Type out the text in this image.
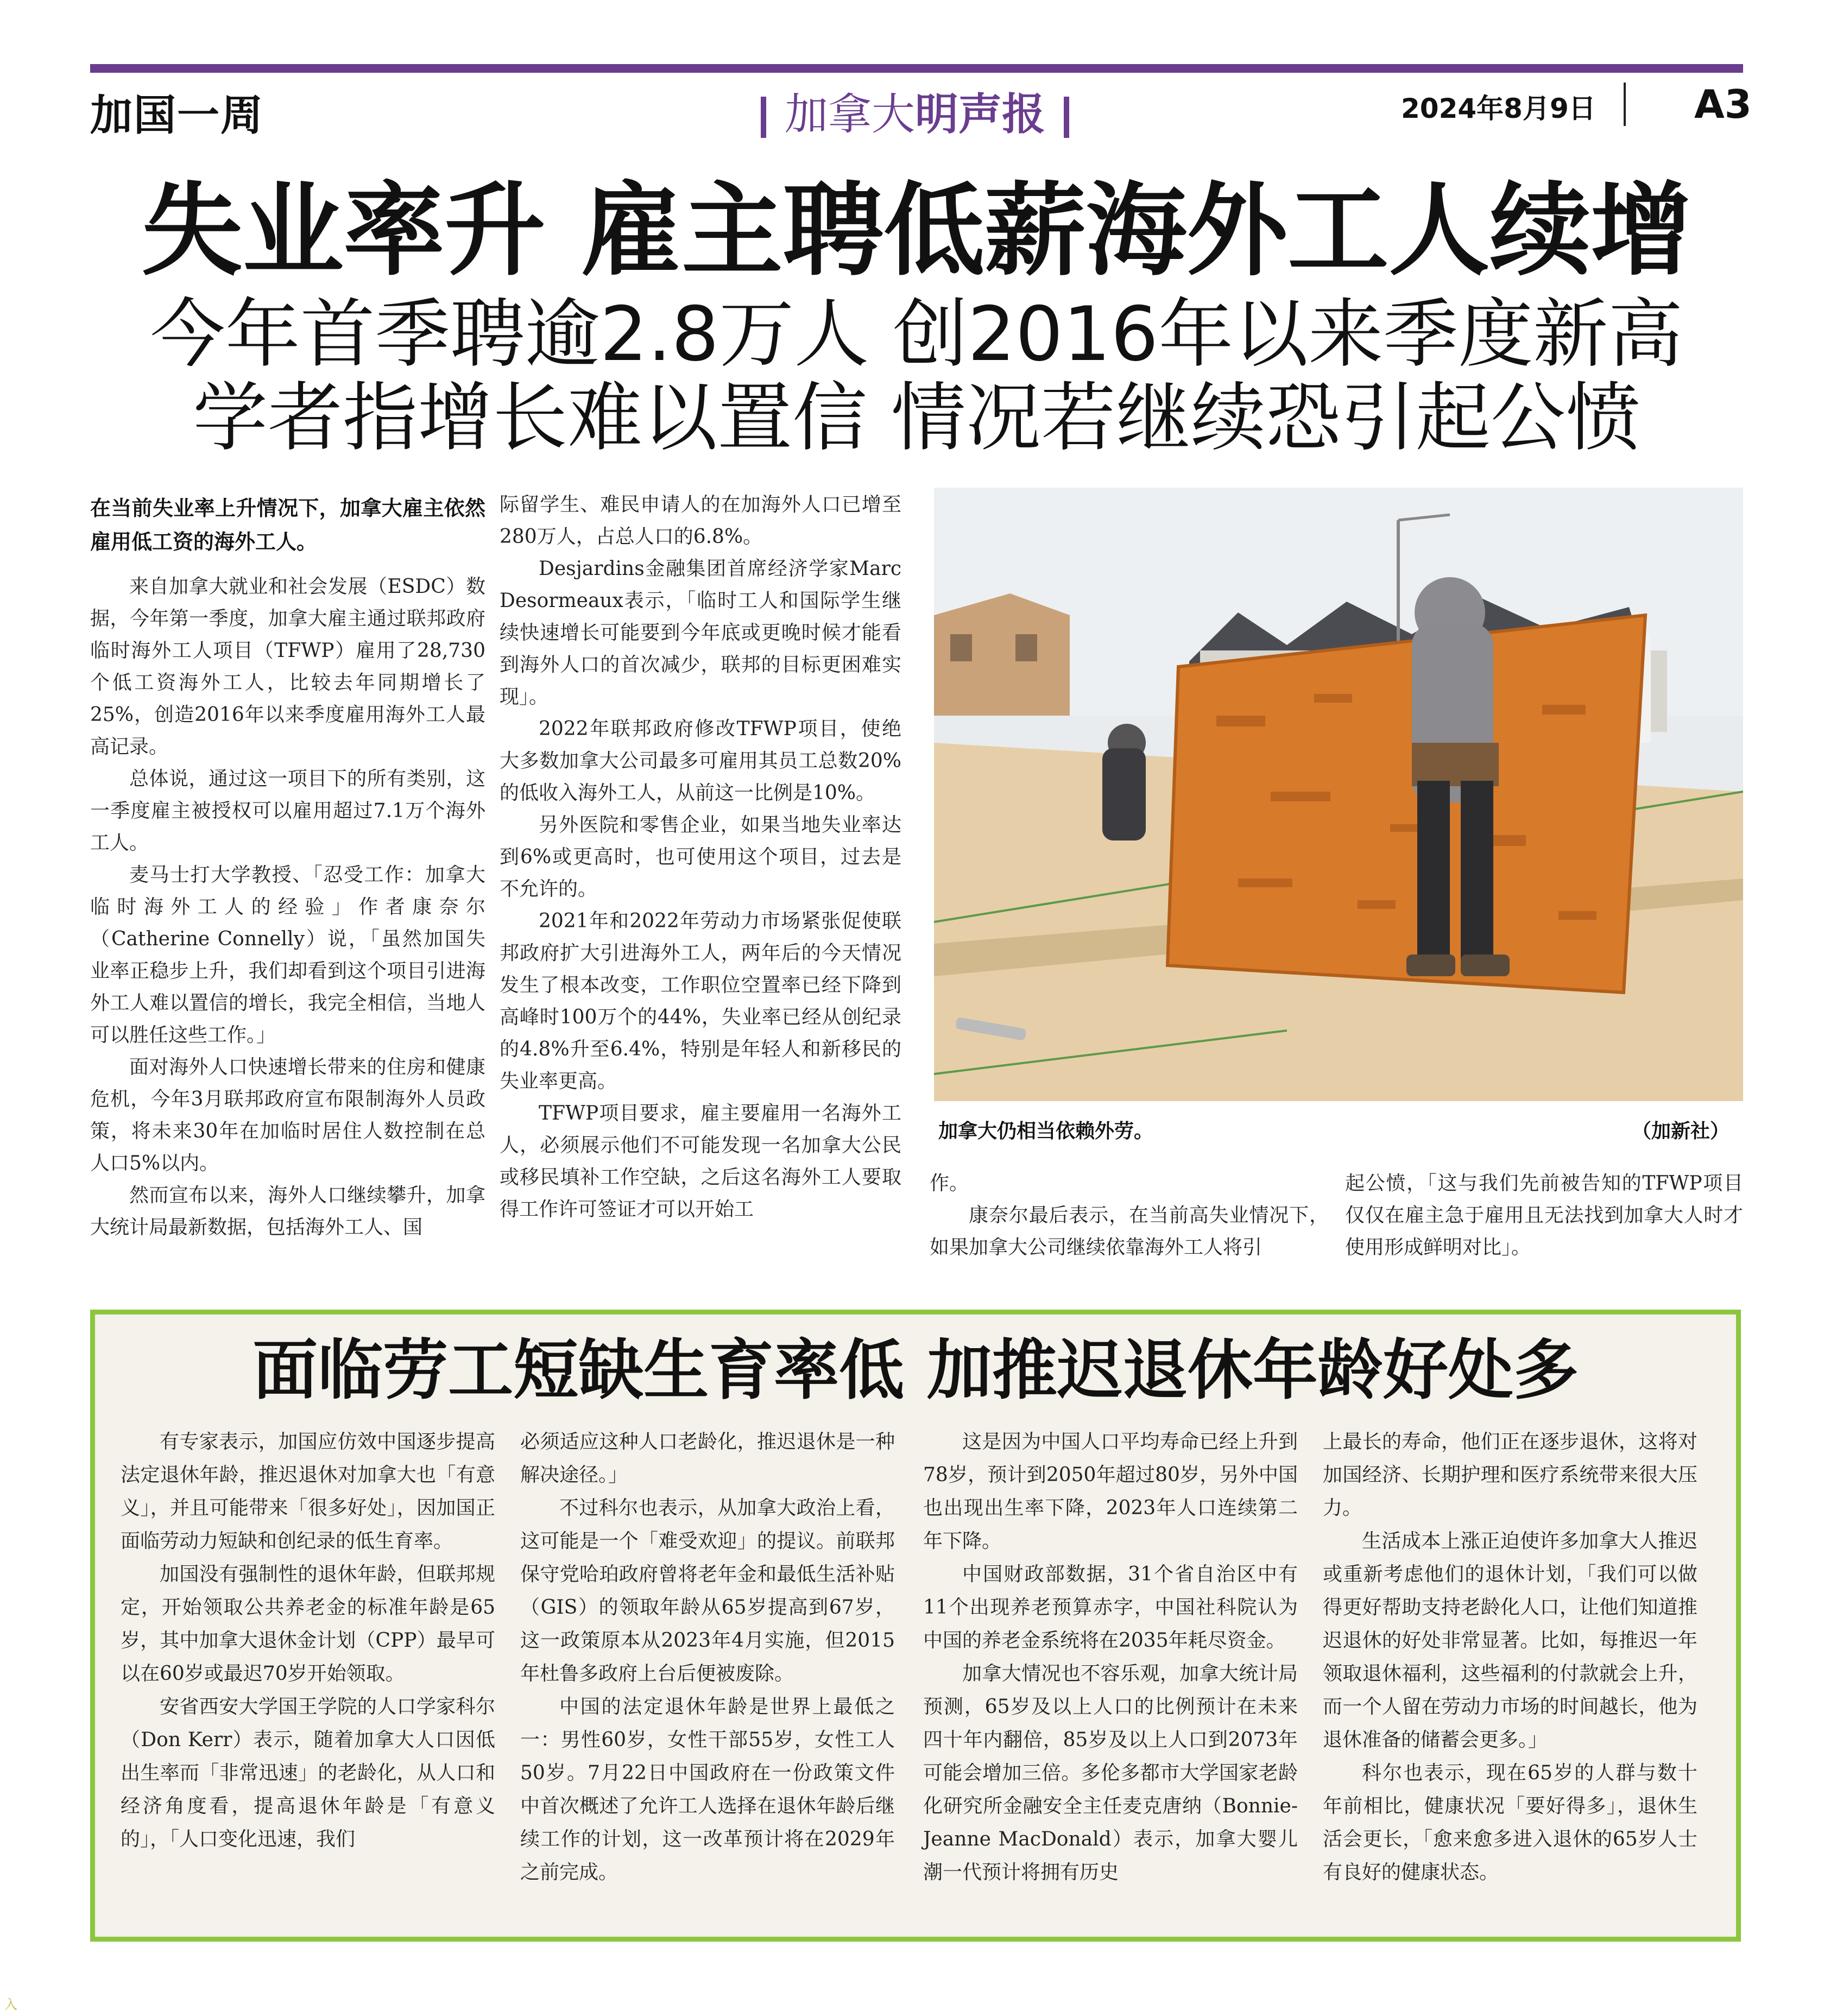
加国一周	加拿大明声报	2024年8月9日	A3
失业率升 雇主聘低薪海外工人续增
今年首季聘逾2.8万人 创2016年以来季度新高
学者指增长难以置信 情况若继续恐引起公愤

在当前失业率上升情况下，加拿大雇主依然雇用低工资的海外工人。

来自加拿大就业和社会发展（ESDC）数据，今年第一季度，加拿大雇主通过联邦政府临时海外工人项目（TFWP）雇用了28,730个低工资海外工人，比较去年同期增长了25%，创造2016年以来季度雇用海外工人最高记录。

总体说，通过这一项目下的所有类别，这一季度雇主被授权可以雇用超过7.1万个海外工人。

麦马士打大学教授、「忍受工作：加拿大临时海外工人的经验」作者康奈尔（Catherine Connelly）说，「虽然加国失业率正稳步上升，我们却看到这个项目引进海外工人难以置信的增长，我完全相信，当地人可以胜任这些工作。」

面对海外人口快速增长带来的住房和健康危机，今年3月联邦政府宣布限制海外人员政策，将未来30年在加临时居住人数控制在总人口5%以内。

然而宣布以来，海外人口继续攀升，加拿大统计局最新数据，包括海外工人、国

际留学生、难民申请人的在加海外人口已增至280万人，占总人口的6.8%。

Desjardins金融集团首席经济学家Marc Desormeaux表示，「临时工人和国际学生继续快速增长可能要到今年底或更晚时候才能看到海外人口的首次减少，联邦的目标更困难实现」。

2022年联邦政府修改TFWP项目，使绝大多数加拿大公司最多可雇用其员工总数20%的低收入海外工人，从前这一比例是10%。

另外医院和零售企业，如果当地失业率达到6%或更高时，也可使用这个项目，过去是不允许的。

2021年和2022年劳动力市场紧张促使联邦政府扩大引进海外工人，两年后的今天情况发生了根本改变，工作职位空置率已经下降到高峰时100万个的44%，失业率已经从创纪录的4.8%升至6.4%，特别是年轻人和新移民的失业率更高。

TFWP项目要求，雇主要雇用一名海外工人，必须展示他们不可能发现一名加拿大公民或移民填补工作空缺，之后这名海外工人要取得工作许可签证才可以开始工

加拿大仍相当依赖外劳。	（加新社）

作。

康奈尔最后表示，在当前高失业情况下，如果加拿大公司继续依靠海外工人将引

起公愤，「这与我们先前被告知的TFWP项目仅仅在雇主急于雇用且无法找到加拿大人时才使用形成鲜明对比」。

面临劳工短缺生育率低 加推迟退休年龄好处多

有专家表示，加国应仿效中国逐步提高法定退休年龄，推迟退休对加拿大也「有意义」，并且可能带来「很多好处」，因加国正面临劳动力短缺和创纪录的低生育率。

加国没有强制性的退休年龄，但联邦规定，开始领取公共养老金的标准年龄是65岁，其中加拿大退休金计划（CPP）最早可以在60岁或最迟70岁开始领取。

安省西安大学国王学院的人口学家科尔（Don Kerr）表示，随着加拿大人口因低出生率而「非常迅速」的老龄化，从人口和经济角度看，提高退休年龄是「有意义的」，「人口变化迅速，我们

必须适应这种人口老龄化，推迟退休是一种解决途径。」

不过科尔也表示，从加拿大政治上看，这可能是一个「难受欢迎」的提议。前联邦保守党哈珀政府曾将老年金和最低生活补贴（GIS）的领取年龄从65岁提高到67岁，这一政策原本从2023年4月实施，但2015年杜鲁多政府上台后便被废除。

中国的法定退休年龄是世界上最低之一：男性60岁，女性干部55岁，女性工人50岁。7月22日中国政府在一份政策文件中首次概述了允许工人选择在退休年龄后继续工作的计划，这一改革预计将在2029年之前完成。

这是因为中国人口平均寿命已经上升到78岁，预计到2050年超过80岁，另外中国也出现出生率下降，2023年人口连续第二年下降。

中国财政部数据，31个省自治区中有11个出现养老预算赤字，中国社科院认为中国的养老金系统将在2035年耗尽资金。

加拿大情况也不容乐观，加拿大统计局预测，65岁及以上人口的比例预计在未来四十年内翻倍，85岁及以上人口到2073年可能会增加三倍。多伦多都市大学国家老龄化研究所金融安全主任麦克唐纳（Bonnie-Jeanne MacDonald）表示，加拿大婴儿潮一代预计将拥有历史

上最长的寿命，他们正在逐步退休，这将对加国经济、长期护理和医疗系统带来很大压力。

生活成本上涨正迫使许多加拿大人推迟或重新考虑他们的退休计划，「我们可以做得更好帮助支持老龄化人口，让他们知道推迟退休的好处非常显著。比如，每推迟一年领取退休福利，这些福利的付款就会上升，而一个人留在劳动力市场的时间越长，他为退休准备的储蓄会更多。」

科尔也表示，现在65岁的人群与数十年前相比，健康状况「要好得多」，退休生活会更长，「愈来愈多进入退休的65岁人士有良好的健康状态。

入
